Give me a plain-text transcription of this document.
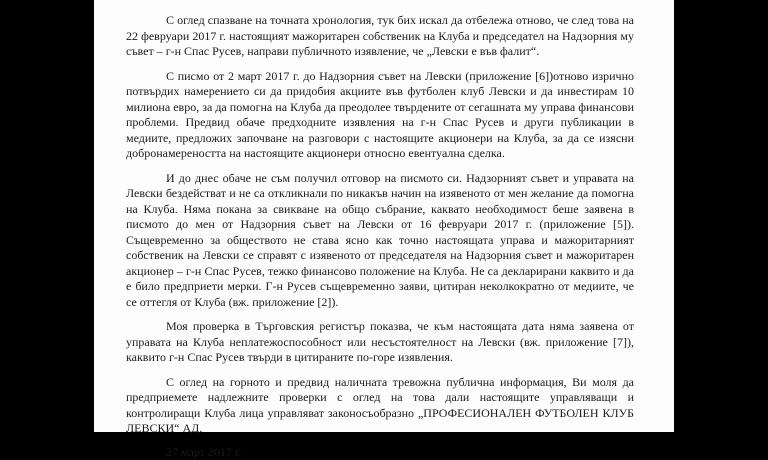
С оглед спазване на точната хронология, тук бих искал да отбележа отново, че след това на 22 февруари 2017 г. настоящият мажоритарен собственик на Клуба и председател на Надзорния му съвет – г-н Спас Русев, направи публичното изявление, че „Левски е във фалит“.

С писмо от 2 март 2017 г. до Надзорния съвет на Левски (приложение [6])отново изрично потвърдих намерението си да придобия акциите във футболен клуб Левски и да инвестирам 10 милиона евро, за да помогна на Клуба да преодолее твърдените от сегашната му управа финансови проблеми. Предвид обаче предходните изявления на г-н Спас Русев и други публикации в медиите, предложих започване на разговори с настоящите акционери на Клуба, за да се изясни добронамереността на настоящите акционери относно евентуална сделка.

И до днес обаче не съм получил отговор на писмото си. Надзорният съвет и управата на Левски бездействат и не са откликнали по никакъв начин на изявеното от мен желание да помогна на Клуба. Няма покана за свикване на общо събрание, каквато необходимост беше заявена в писмото до мен от Надзорния съвет на Левски от 16 февруари 2017 г. (приложение [5]). Същевременно за обществото не става ясно как точно настоящата управа и мажоритарният собственик на Левски се справят с изявеното от председателя на Надзорния съвет и мажоритарен акционер – г-н Спас Русев, тежко финансово положение на Клуба. Не са декларирани каквито и да е било предприети мерки. Г-н Русев същевременно заяви, цитиран неколкократно от медиите, че се оттегля от Клуба (вж. приложение [2]).

Моя проверка в Търговския регистър показва, че към настоящата дата няма заявена от управата на Клуба неплатежоспособност или несъстоятелност на Левски (вж. приложение [7]), каквито г-н Спас Русев твърди в цитираните по-горе изявления.

С оглед на горното и предвид наличната тревожна публична информация, Ви моля да предприемете надлежните проверки с оглед на това дали настоящите управляващи и контролиращи Клуба лица управляват законосъобразно „ПРОФЕСИОНАЛЕН ФУТБОЛЕН КЛУБ ЛЕВСКИ“ АД.

27 март 2017 г.
